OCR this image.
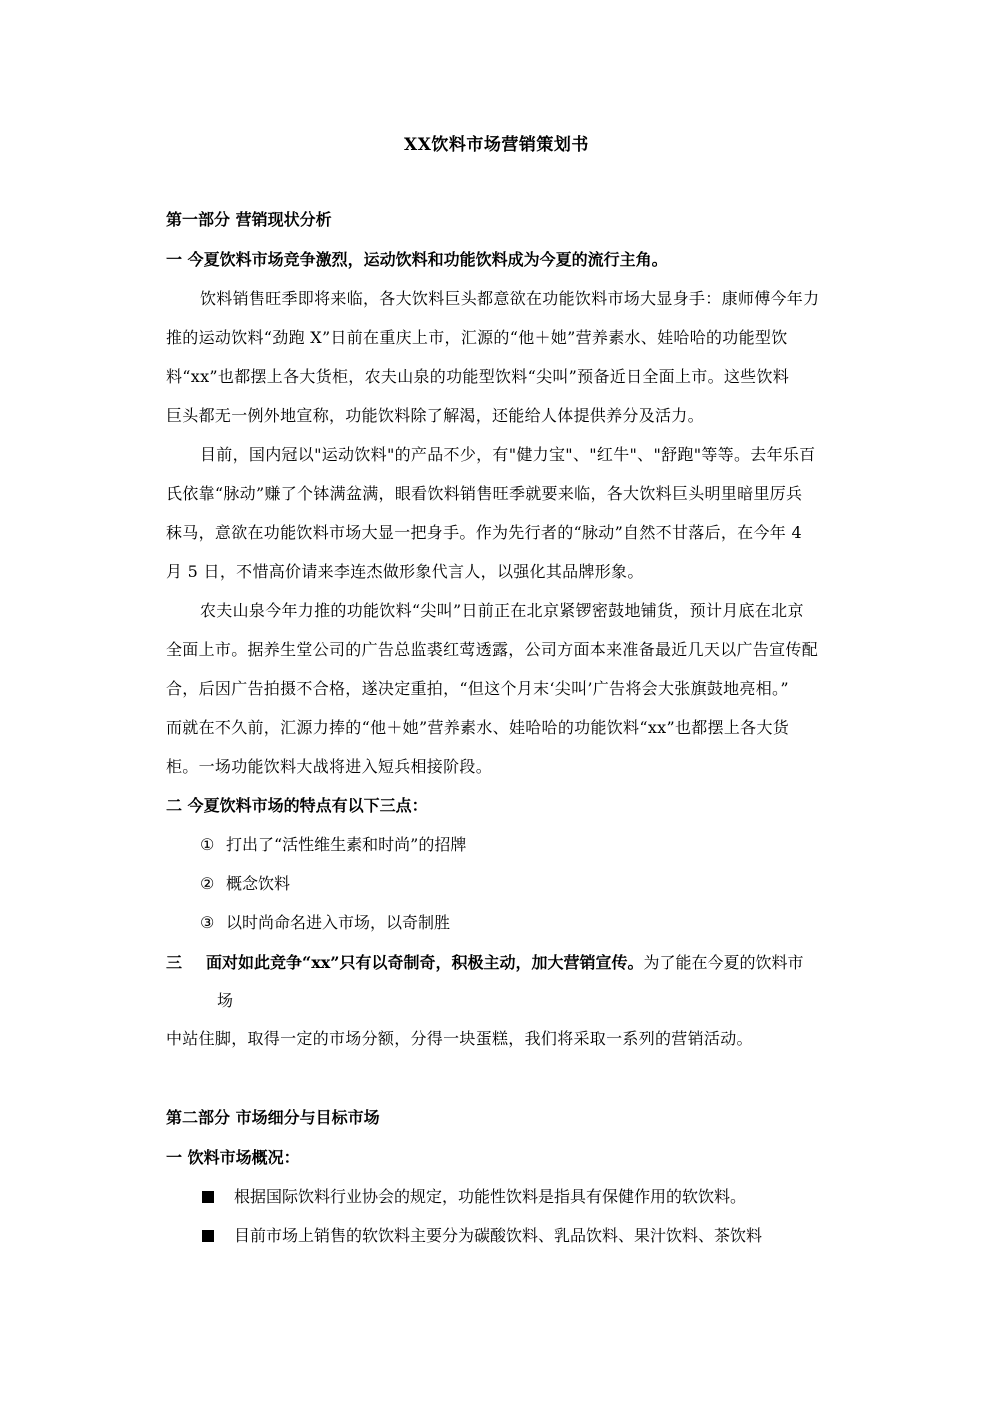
XX饮料市场营销策划书
第一部分 营销现状分析
一 今夏饮料市场竞争激烈，运动饮料和功能饮料成为今夏的流行主角。
饮料销售旺季即将来临，各大饮料巨头都意欲在功能饮料市场大显身手：康师傅今年力
推的运动饮料“劲跑 X”日前在重庆上市，汇源的“他＋她”营养素水、娃哈哈的功能型饮
料“xx”也都摆上各大货柜，农夫山泉的功能型饮料“尖叫”预备近日全面上市。这些饮料
巨头都无一例外地宣称，功能饮料除了解渴，还能给人体提供养分及活力。
目前，国内冠以"运动饮料"的产品不少，有"健力宝"、"红牛"、"舒跑"等等。去年乐百
氏依靠“脉动”赚了个钵满盆满，眼看饮料销售旺季就要来临，各大饮料巨头明里暗里厉兵
秣马，意欲在功能饮料市场大显一把身手。作为先行者的“脉动”自然不甘落后，在今年 4
月 5 日，不惜高价请来李连杰做形象代言人，以强化其品牌形象。
农夫山泉今年力推的功能饮料“尖叫”日前正在北京紧锣密鼓地铺货，预计月底在北京
全面上市。据养生堂公司的广告总监裘红莺透露，公司方面本来准备最近几天以广告宣传配
合，后因广告拍摄不合格，遂决定重拍，“但这个月末‘尖叫’广告将会大张旗鼓地亮相。”
而就在不久前，汇源力捧的“他＋她”营养素水、娃哈哈的功能饮料“xx”也都摆上各大货
柜。一场功能饮料大战将进入短兵相接阶段。
二 今夏饮料市场的特点有以下三点：
① 打出了“活性维生素和时尚”的招牌
② 概念饮料
③ 以时尚命名进入市场，以奇制胜
三 面对如此竞争“xx”只有以奇制奇，积极主动，加大营销宣传。为了能在今夏的饮料市
场
中站住脚，取得一定的市场分额，分得一块蛋糕，我们将采取一系列的营销活动。
第二部分 市场细分与目标市场
一 饮料市场概况：
根据国际饮料行业协会的规定，功能性饮料是指具有保健作用的软饮料。
目前市场上销售的软饮料主要分为碳酸饮料、乳品饮料、果汁饮料、茶饮料
